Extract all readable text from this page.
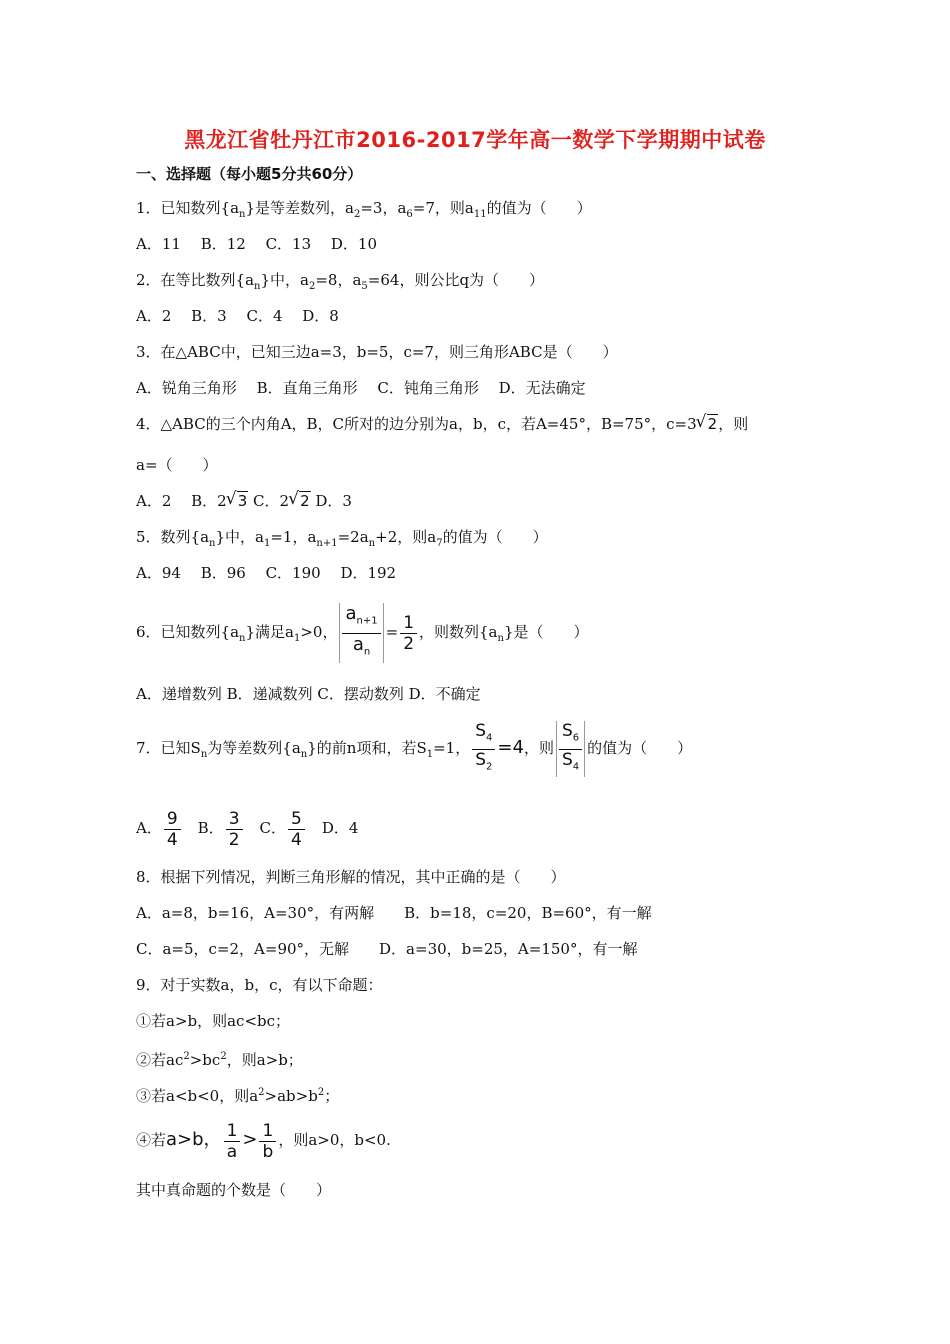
黑龙江省牡丹江市2016-2017学年高一数学下学期期中试卷
一、选择题（每小题5分共60分）
1．已知数列$\{a_n\}$是等差数列，$a_2=3$，$a_6=7$，则$a_{11}$的值为（　　）
A．11　 B．12　 C．13　 D．10
2．在等比数列$\{a_n\}$中，$a_2=8$，$a_5=64$，则公比q为（　　）
A．2　 B．3　 C．4　 D．8
3．在△ABC中，已知三边a=3，b=5，c=7，则三角形ABC是（　　）
A．锐角三角形　 B．直角三角形　 C．钝角三角形　 D．无法确定
4．△ABC的三个内角A，B，C所对的边分别为a，b，c，若A=45°，B=75°，c=3 √ 2，则
a=（　　）
A．2　 B．2 √ 3 C．2 √ 2 D．3
5．数列$\{a_n\}$中，$a_1=1$，$a_{n+1}=2a_n+2$，则$a_7$的值为（　　）
A．94　 B．96　 C．190　 D．192
6．已知数列$\{a_n\}$满足$a_1>0$， $\frac{a_{n+1}}{a_n} = \frac{1}{2}$ ，则数列$\{a_n\}$是（　　）
A．递增数列 B．递减数列 C．摆动数列 D．不确定
7．已知$S_n$为等差数列$\{a_n\}$的前n项和，若$S_1=1$， $\frac{S_4}{S_2} =4$，则 $\frac{S_6}{S_4}$ 的值为（　　）
A． $\frac{9}{4}$ 　B． $\frac{3}{2}$ 　C． $\frac{5}{4}$ 　D．4
8．根据下列情况，判断三角形解的情况，其中正确的是（　　）
A．a=8，b=16，A=30°，有两解　　B．b=18，c=20，B=60°，有一解
C．a=5，c=2，A=90°，无解　　D．a=30，b=25，A=150°，有一解
9．对于实数a，b，c，有以下命题：
①若a>b，则ac<bc；
②若$ac^2>bc^2$，则a>b；
③若a<b<0，则$a^2>ab>b^2$；
④若a>b， $\frac{1}{a} > \frac{1}{b}$ ，则a>0，b<0.
其中真命题的个数是（　　）
